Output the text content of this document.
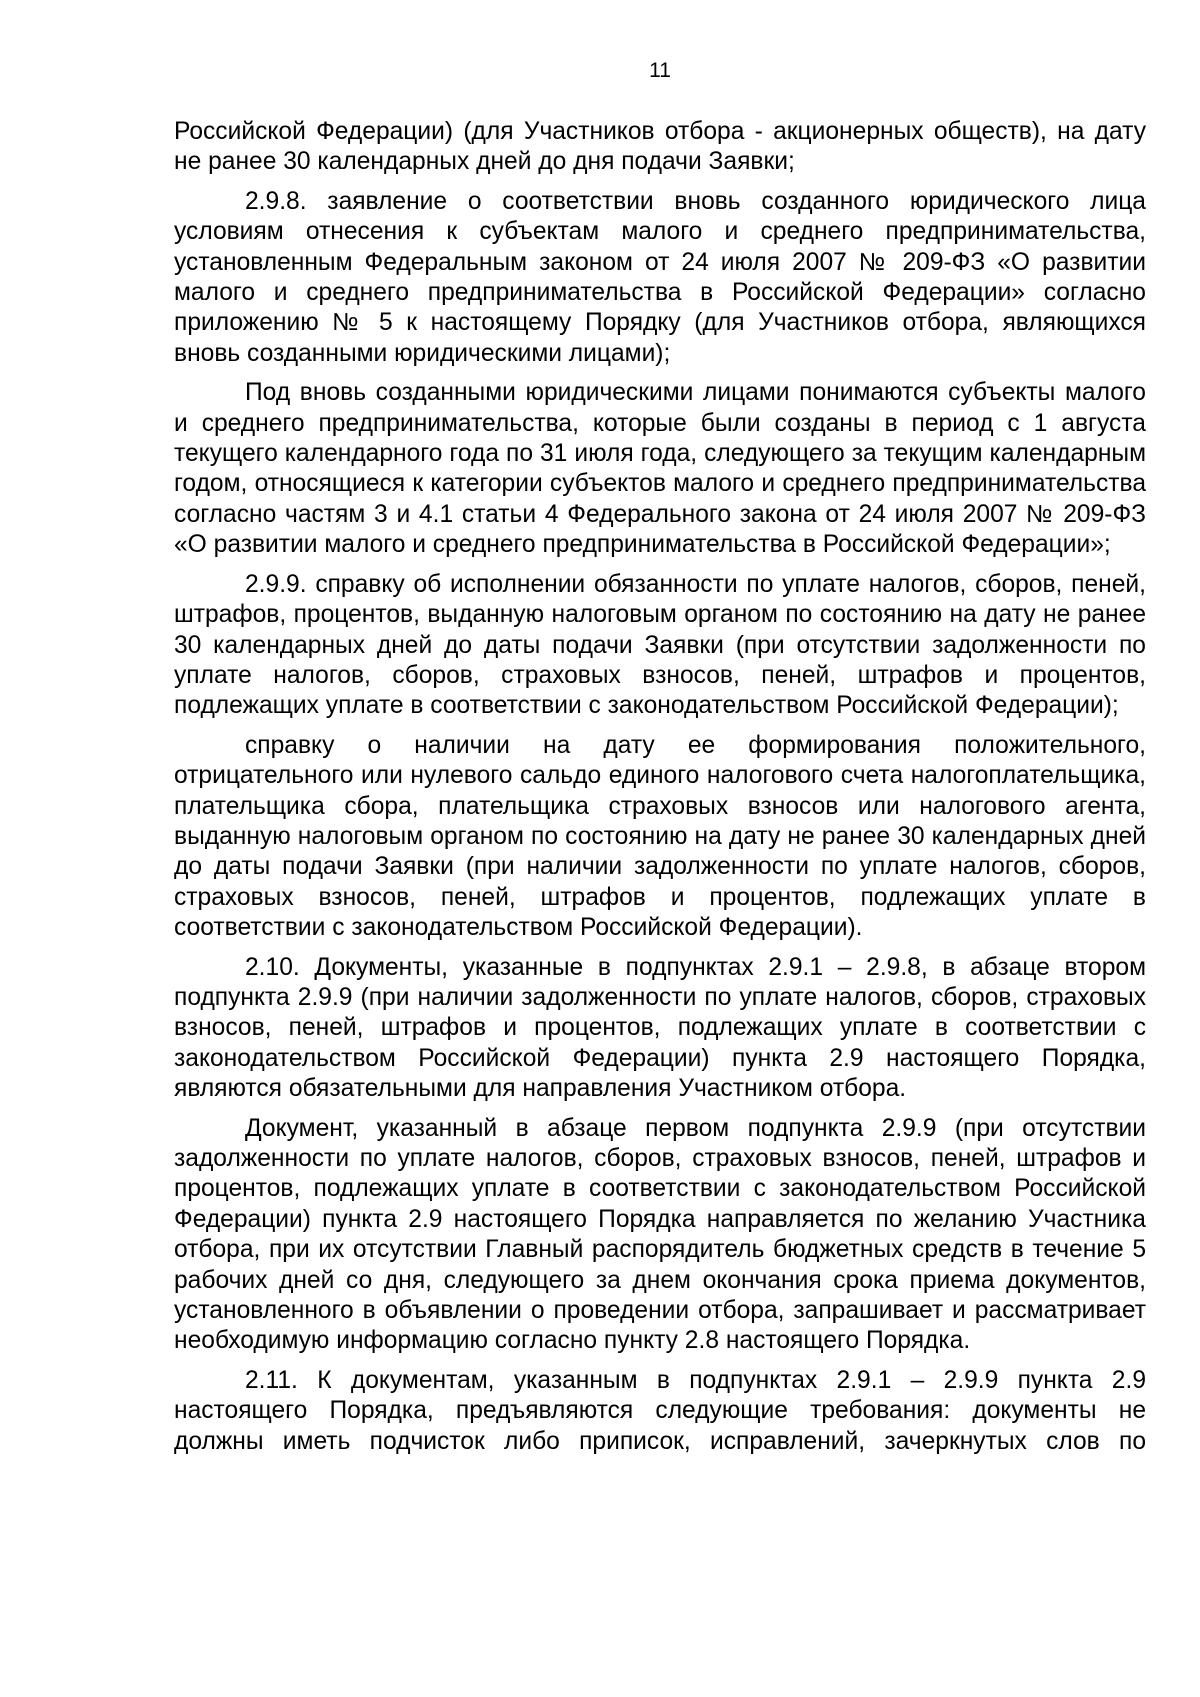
11

Российской Федерации) (для Участников отбора - акционерных обществ), на дату не ранее 30 календарных дней до дня подачи Заявки;

2.9.8. заявление о соответствии вновь созданного юридического лица условиям отнесения к субъектам малого и среднего предпринимательства, установленным Федеральным законом от 24 июля 2007 № 209-ФЗ «О развитии малого и среднего предпринимательства в Российской Федерации» согласно приложению № 5 к настоящему Порядку (для Участников отбора, являющихся вновь созданными юридическими лицами);

Под вновь созданными юридическими лицами понимаются субъекты малого и среднего предпринимательства, которые были созданы в период с 1 августа текущего календарного года по 31 июля года, следующего за текущим календарным годом, относящиеся к категории субъектов малого и среднего предпринимательства согласно частям 3 и 4.1 статьи 4 Федерального закона от 24 июля 2007 № 209-ФЗ «О развитии малого и среднего предпринимательства в Российской Федерации»;

2.9.9. справку об исполнении обязанности по уплате налогов, сборов, пеней, штрафов, процентов, выданную налоговым органом по состоянию на дату не ранее 30 календарных дней до даты подачи Заявки (при отсутствии задолженности по уплате налогов, сборов, страховых взносов, пеней, штрафов и процентов, подлежащих уплате в соответствии с законодательством Российской Федерации);

справку о наличии на дату ее формирования положительного, отрицательного или нулевого сальдо единого налогового счета налогоплательщика, плательщика сбора, плательщика страховых взносов или налогового агента, выданную налоговым органом по состоянию на дату не ранее 30 календарных дней до даты подачи Заявки (при наличии задолженности по уплате налогов, сборов, страховых взносов, пеней, штрафов и процентов, подлежащих уплате в соответствии с законодательством Российской Федерации).

2.10. Документы, указанные в подпунктах 2.9.1 – 2.9.8, в абзаце втором подпункта 2.9.9 (при наличии задолженности по уплате налогов, сборов, страховых взносов, пеней, штрафов и процентов, подлежащих уплате в соответствии с законодательством Российской Федерации) пункта 2.9 настоящего Порядка, являются обязательными для направления Участником отбора.

Документ, указанный в абзаце первом подпункта 2.9.9 (при отсутствии задолженности по уплате налогов, сборов, страховых взносов, пеней, штрафов и процентов, подлежащих уплате в соответствии с законодательством Российской Федерации) пункта 2.9 настоящего Порядка направляется по желанию Участника отбора, при их отсутствии Главный распорядитель бюджетных средств в течение 5 рабочих дней со дня, следующего за днем окончания срока приема документов, установленного в объявлении о проведении отбора, запрашивает и рассматривает необходимую информацию согласно пункту 2.8 настоящего Порядка.

2.11. К документам, указанным в подпунктах 2.9.1 – 2.9.9 пункта 2.9 настоящего Порядка, предъявляются следующие требования: документы не должны иметь подчисток либо приписок, исправлений, зачеркнутых слов по
